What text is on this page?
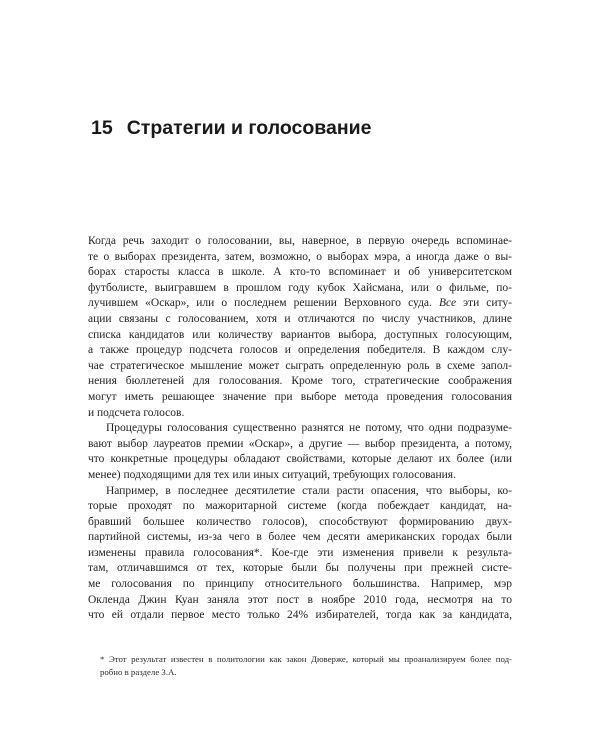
15 Стратегии и голосование
Когда речь заходит о голосовании, вы, наверное, в первую очередь вспоминае-
те о выборах президента, затем, возможно, о выборах мэра, а иногда даже о вы-
борах старосты класса в школе. А кто-то вспоминает и об университетском
футболисте, выигравшем в прошлом году кубок Хайсмана, или о фильме, по-
лучившем «Оскар», или о последнем решении Верховного суда. Все эти ситу-
ации связаны с голосованием, хотя и отличаются по числу участников, длине
списка кандидатов или количеству вариантов выбора, доступных голосующим,
а также процедур подсчета голосов и определения победителя. В каждом слу-
чае стратегическое мышление может сыграть определенную роль в схеме запол-
нения бюллетеней для голосования. Кроме того, стратегические соображения
могут иметь решающее значение при выборе метода проведения голосования
и подсчета голосов.
Процедуры голосования существенно разнятся не потому, что одни подразуме-
вают выбор лауреатов премии «Оскар», а другие — выбор президента, а потому,
что конкретные процедуры обладают свойствами, которые делают их более (или
менее) подходящими для тех или иных ситуаций, требующих голосования.
Например, в последнее десятилетие стали расти опасения, что выборы, ко-
торые проходят по мажоритарной системе (когда побеждает кандидат, на-
бравший большее количество голосов), способствуют формированию двух-
партийной системы, из-за чего в более чем десяти американских городах были
изменены правила голосования*. Кое-где эти изменения привели к результа-
там, отличавшимся от тех, которые были бы получены при прежней систе-
ме голосования по принципу относительного большинства. Например, мэр
Окленда Джин Куан заняла этот пост в ноябре 2010 года, несмотря на то
что ей отдали первое место только 24% избирателей, тогда как за кандидата,
* Этот результат известен в политологии как закон Дюверже, который мы проанализируем более под-
робно в разделе 3.А.
